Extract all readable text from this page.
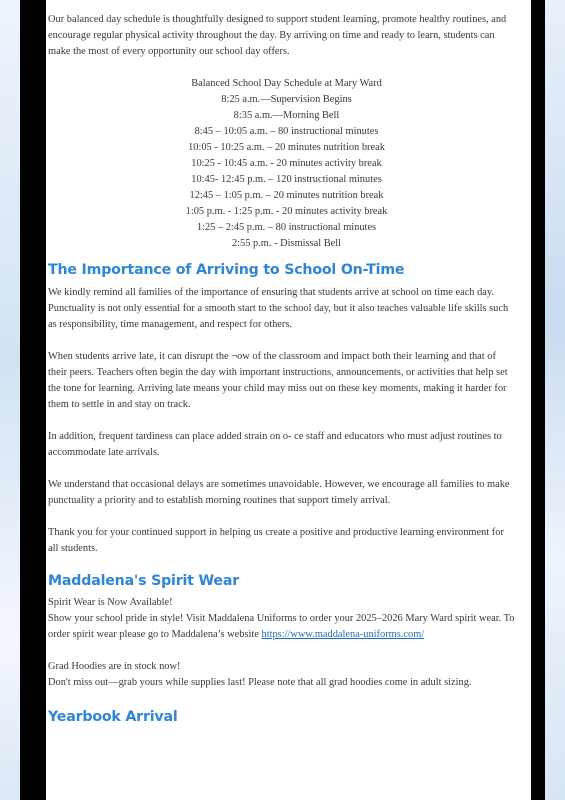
Our balanced day schedule is thoughtfully designed to support student learning, promote healthy routines, and encourage regular physical activity throughout the day. By arriving on time and ready to learn, students can make the most of every opportunity our school day offers.

Balanced School Day Schedule at Mary Ward
8:25 a.m.—Supervision Begins
8:35 a.m.—Morning Bell
8:45 – 10:05 a.m. – 80 instructional minutes
10:05 - 10:25 a.m. – 20 minutes nutrition break
10:25 - 10:45 a.m. - 20 minutes activity break
10:45- 12:45 p.m. – 120 instructional minutes
12:45 – 1:05 p.m. – 20 minutes nutrition break
1:05 p.m. - 1:25 p.m. - 20 minutes activity break
1:25 – 2:45 p.m. – 80 instructional minutes
2:55 p.m. - Dismissal Bell
The Importance of Arriving to School On-Time

We kindly remind all families of the importance of ensuring that students arrive at school on time each day. Punctuality is not only essential for a smooth start to the school day, but it also teaches valuable life skills such as responsibility, time management, and respect for others.

When students arrive late, it can disrupt the ¬ow of the classroom and impact both their learning and that of their peers. Teachers often begin the day with important instructions, announcements, or activities that help set the tone for learning. Arriving late means your child may miss out on these key moments, making it harder for them to settle in and stay on track.

In addition, frequent tardiness can place added strain on o- ce staff and educators who must adjust routines to accommodate late arrivals.

We understand that occasional delays are sometimes unavoidable. However, we encourage all families to make punctuality a priority and to establish morning routines that support timely arrival.

Thank you for your continued support in helping us create a positive and productive learning environment for all students.

Maddalena's Spirit Wear

Spirit Wear is Now Available!

Show your school pride in style! Visit Maddalena Uniforms to order your 2025–2026 Mary Ward spirit wear. To order spirit wear please go to Maddalena’s website https://www.maddalena-uniforms.com/

Grad Hoodies are in stock now!

Don't miss out—grab yours while supplies last! Please note that all grad hoodies come in adult sizing.

Yearbook Arrival
